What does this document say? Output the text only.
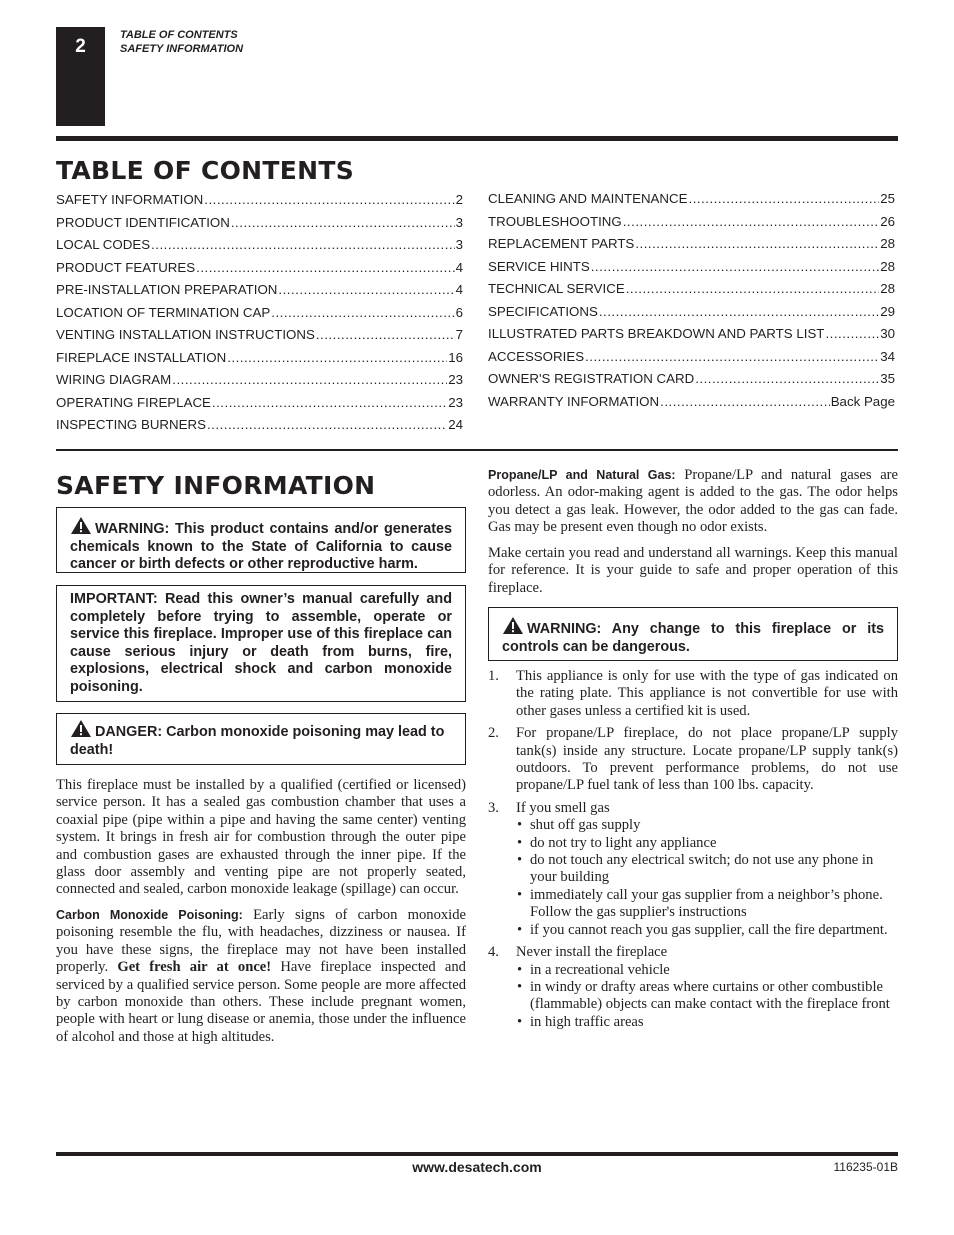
2
TABLE OF CONTENTS
SAFETY INFORMATION
TABLE OF CONTENTS
SAFETY INFORMATION .....	2
PRODUCT IDENTIFICATION .....	3
LOCAL CODES .....	3
PRODUCT FEATURES .....	4
PRE-INSTALLATION PREPARATION .....	4
LOCATION OF TERMINATION CAP .....	6
VENTING INSTALLATION INSTRUCTIONS .....	7
FIREPLACE INSTALLATION .....	16
WIRING DIAGRAM .....	23
OPERATING FIREPLACE .....	23
INSPECTING BURNERS .....	24
CLEANING AND MAINTENANCE .....	25
TROUBLESHOOTING .....	26
REPLACEMENT PARTS .....	28
SERVICE HINTS .....	28
TECHNICAL SERVICE .....	28
SPECIFICATIONS .....	29
ILLUSTRATED PARTS BREAKDOWN AND PARTS LIST .....	30
ACCESSORIES .....	34
OWNER'S REGISTRATION CARD .....	35
WARRANTY INFORMATION .....	Back Page
SAFETY INFORMATION
WARNING: This product contains and/or generates chemicals known to the State of California to cause cancer or birth defects or other reproductive harm.
IMPORTANT: Read this owner’s manual carefully and completely before trying to assemble, operate or service this fireplace. Improper use of this fireplace can cause serious injury or death from burns, fire, explosions, electrical shock and carbon monoxide poisoning.
DANGER: Carbon monoxide poisoning may lead to death!

This fireplace must be installed by a qualified (certified or licensed) service person. It has a sealed gas combustion chamber that uses a coaxial pipe (pipe within a pipe and having the same center) venting system. It brings in fresh air for combustion through the outer pipe and combustion gases are exhausted through the inner pipe. If the glass door assembly and venting pipe are not properly seated, connected and sealed, carbon monoxide leakage (spillage) can occur.

Carbon Monoxide Poisoning: Early signs of carbon monoxide poisoning resemble the flu, with headaches, dizziness or nausea. If you have these signs, the fireplace may not have been installed properly. Get fresh air at once! Have fireplace inspected and serviced by a qualified service person. Some people are more affected by carbon monoxide than others. These include pregnant women, people with heart or lung disease or anemia, those under the influence of alcohol and those at high altitudes.

Propane/LP and Natural Gas: Propane/LP and natural gases are odorless. An odor-making agent is added to the gas. The odor helps you detect a gas leak. However, the odor added to the gas can fade. Gas may be present even though no odor exists.

Make certain you read and understand all warnings. Keep this manual for reference. It is your guide to safe and proper operation of this fireplace.

WARNING: Any change to this fireplace or its controls can be dangerous.
1. This appliance is only for use with the type of gas indicated on the rating plate. This appliance is not convertible for use with other gases unless a certified kit is used.
2. For propane/LP fireplace, do not place propane/LP supply tank(s) inside any structure. Locate propane/LP supply tank(s) outdoors. To prevent performance problems, do not use propane/LP fuel tank of less than 100 lbs. capacity.
3. If you smell gas
• shut off gas supply
• do not try to light any appliance
• do not touch any electrical switch; do not use any phone in your building
• immediately call your gas supplier from a neighbor’s phone. Follow the gas supplier's instructions
• if you cannot reach you gas supplier, call the fire department.
4. Never install the fireplace
• in a recreational vehicle
• in windy or drafty areas where curtains or other combustible (flammable) objects can make contact with the fireplace front
• in high traffic areas
www.desatech.com	116235-01B
